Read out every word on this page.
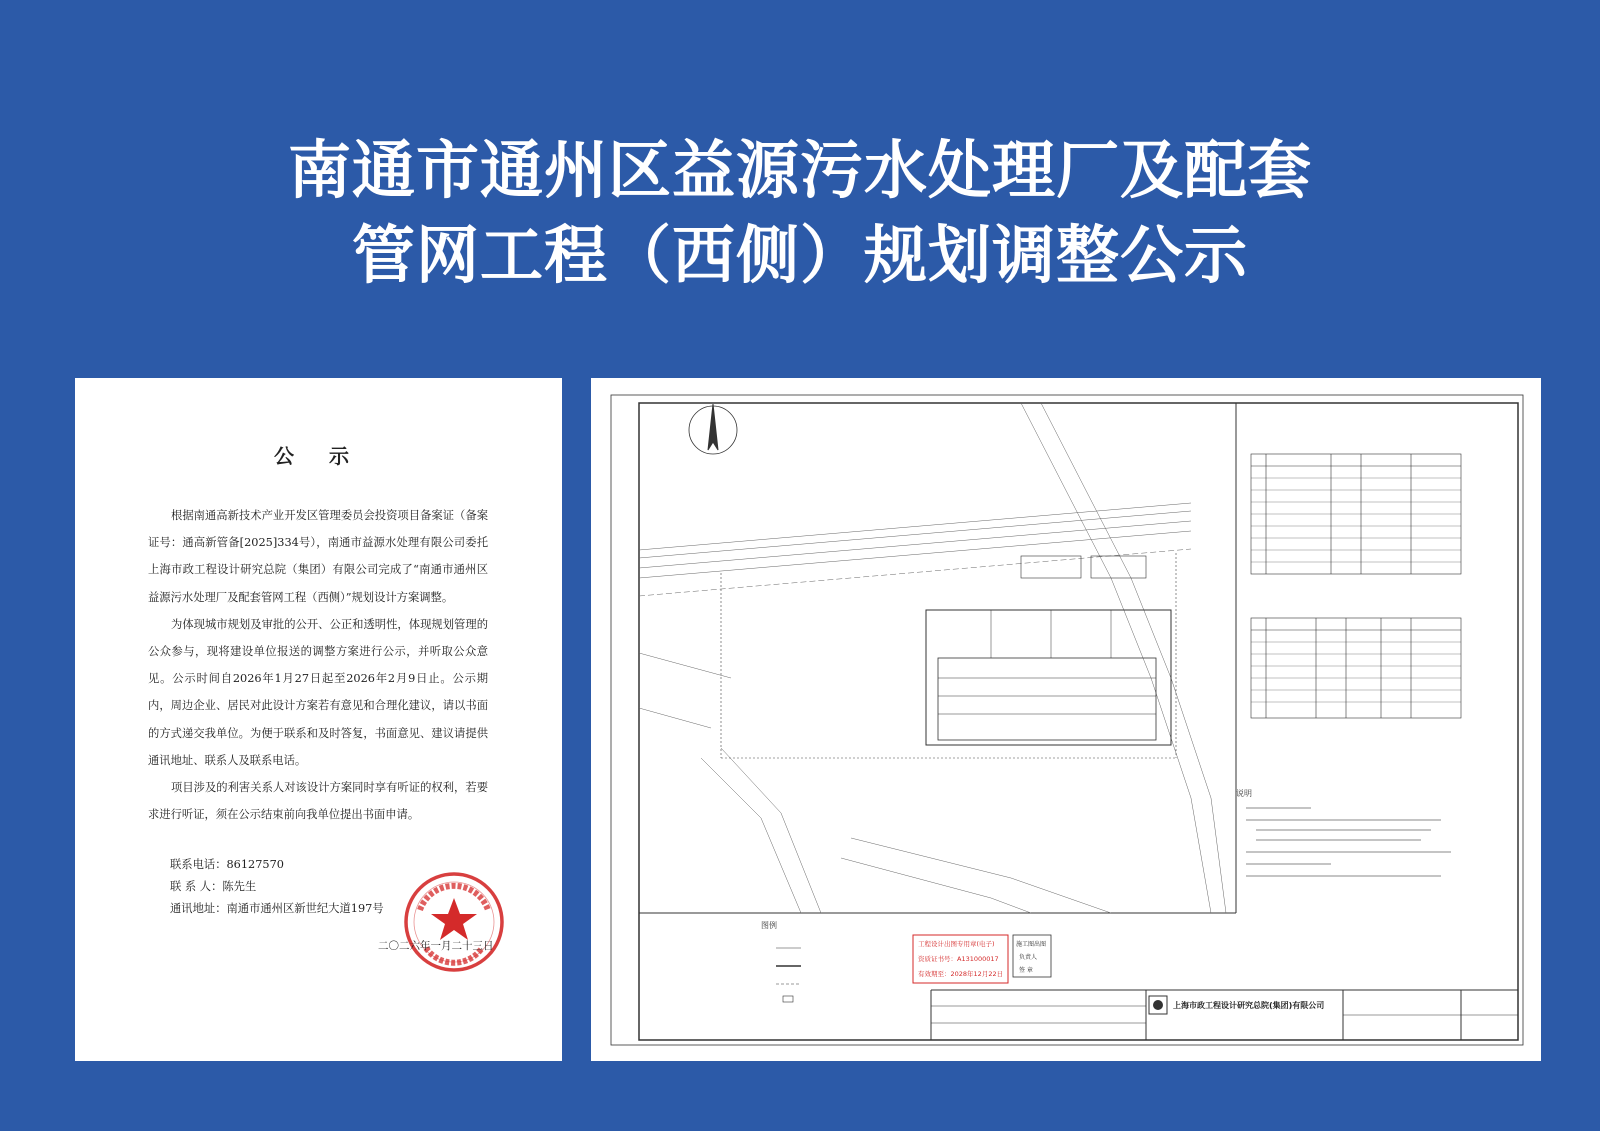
南通市通州区益源污水处理厂及配套
管网工程（西侧）规划调整公示
公 示

根据南通高新技术产业开发区管理委员会投资项目备案证（备案证号：通高新管备[2025]334号），南通市益源水处理有限公司委托上海市政工程设计研究总院（集团）有限公司完成了“南通市通州区益源污水处理厂及配套管网工程（西侧）”规划设计方案调整。

为体现城市规划及审批的公开、公正和透明性，体现规划管理的公众参与，现将建设单位报送的调整方案进行公示，并听取公众意见。公示时间自2026年1月27日起至2026年2月9日止。公示期内，周边企业、居民对此设计方案若有意见和合理化建议，请以书面的方式递交我单位。为便于联系和及时答复，书面意见、建议请提供通讯地址、联系人及联系电话。

项目涉及的利害关系人对该设计方案同时享有听证的权利，若要求进行听证，须在公示结束前向我单位提出书面申请。

联系电话：86127570
联 系 人：陈先生
通讯地址：南通市通州区新世纪大道197号
二〇二六年一月二十三日
说明
图例
工程设计出图专用章(电子)
资质证书号：A131000017
有效期至：2028年12月22日
施工图出图
负责人
签 章
上海市政工程设计研究总院(集团)有限公司
